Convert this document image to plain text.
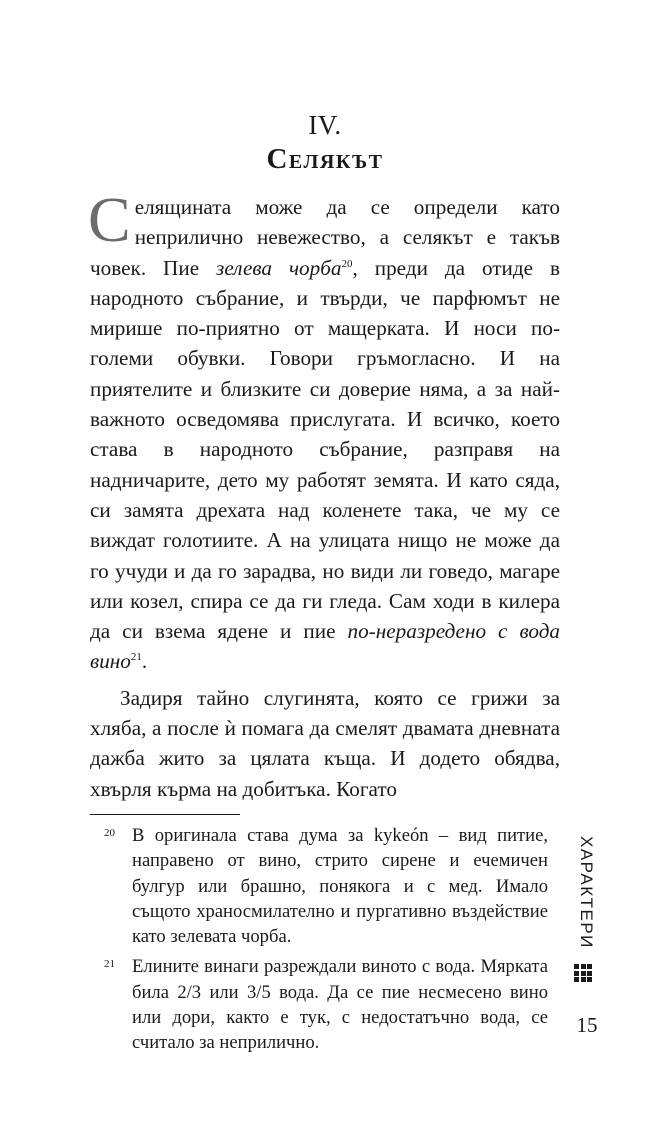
IV.
Селякът

Селящината може да се определи като неприлично невежество, а селякът е такъв човек. Пие зелева чорба$^{20}$, преди да отиде в народното събрание, и твърди, че парфюмът не мирише по-приятно от мащерката. И носи по-големи обувки. Говори гръмогласно. И на приятелите и близките си доверие няма, а за най-важното осведомява прислугата. И всичко, което става в народното събрание, разправя на надничарите, дето му работят земята. И като сяда, си замята дрехата над коленете така, че му се виждат голотиите. А на улицата нищо не може да го учуди и да го зарадва, но види ли говедо, магаре или козел, спира се да ги гледа. Сам ходи в килера да си взема ядене и пие по-неразредено с вода вино$^{21}$.

Задиря тайно слугинята, която се грижи за хляба, а после ѝ помага да смелят двамата дневната дажба жито за цялата къща. И додето обядва, хвърля кърма на добитъка. Когато

20 В оригинала става дума за kykeón – вид питие, направено от вино, стрито сирене и ечемичен булгур или брашно, понякога и с мед. Имало същото храносмилателно и пургативно въздействие като зелевата чорба.
21 Елините винаги разреждали виното с вода. Мярката била 2/3 или 3/5 вода. Да се пие несмесено вино или дори, както е тук, с недостатъчно вода, се считало за неприлично.
ХАРАКТЕРИ
15
